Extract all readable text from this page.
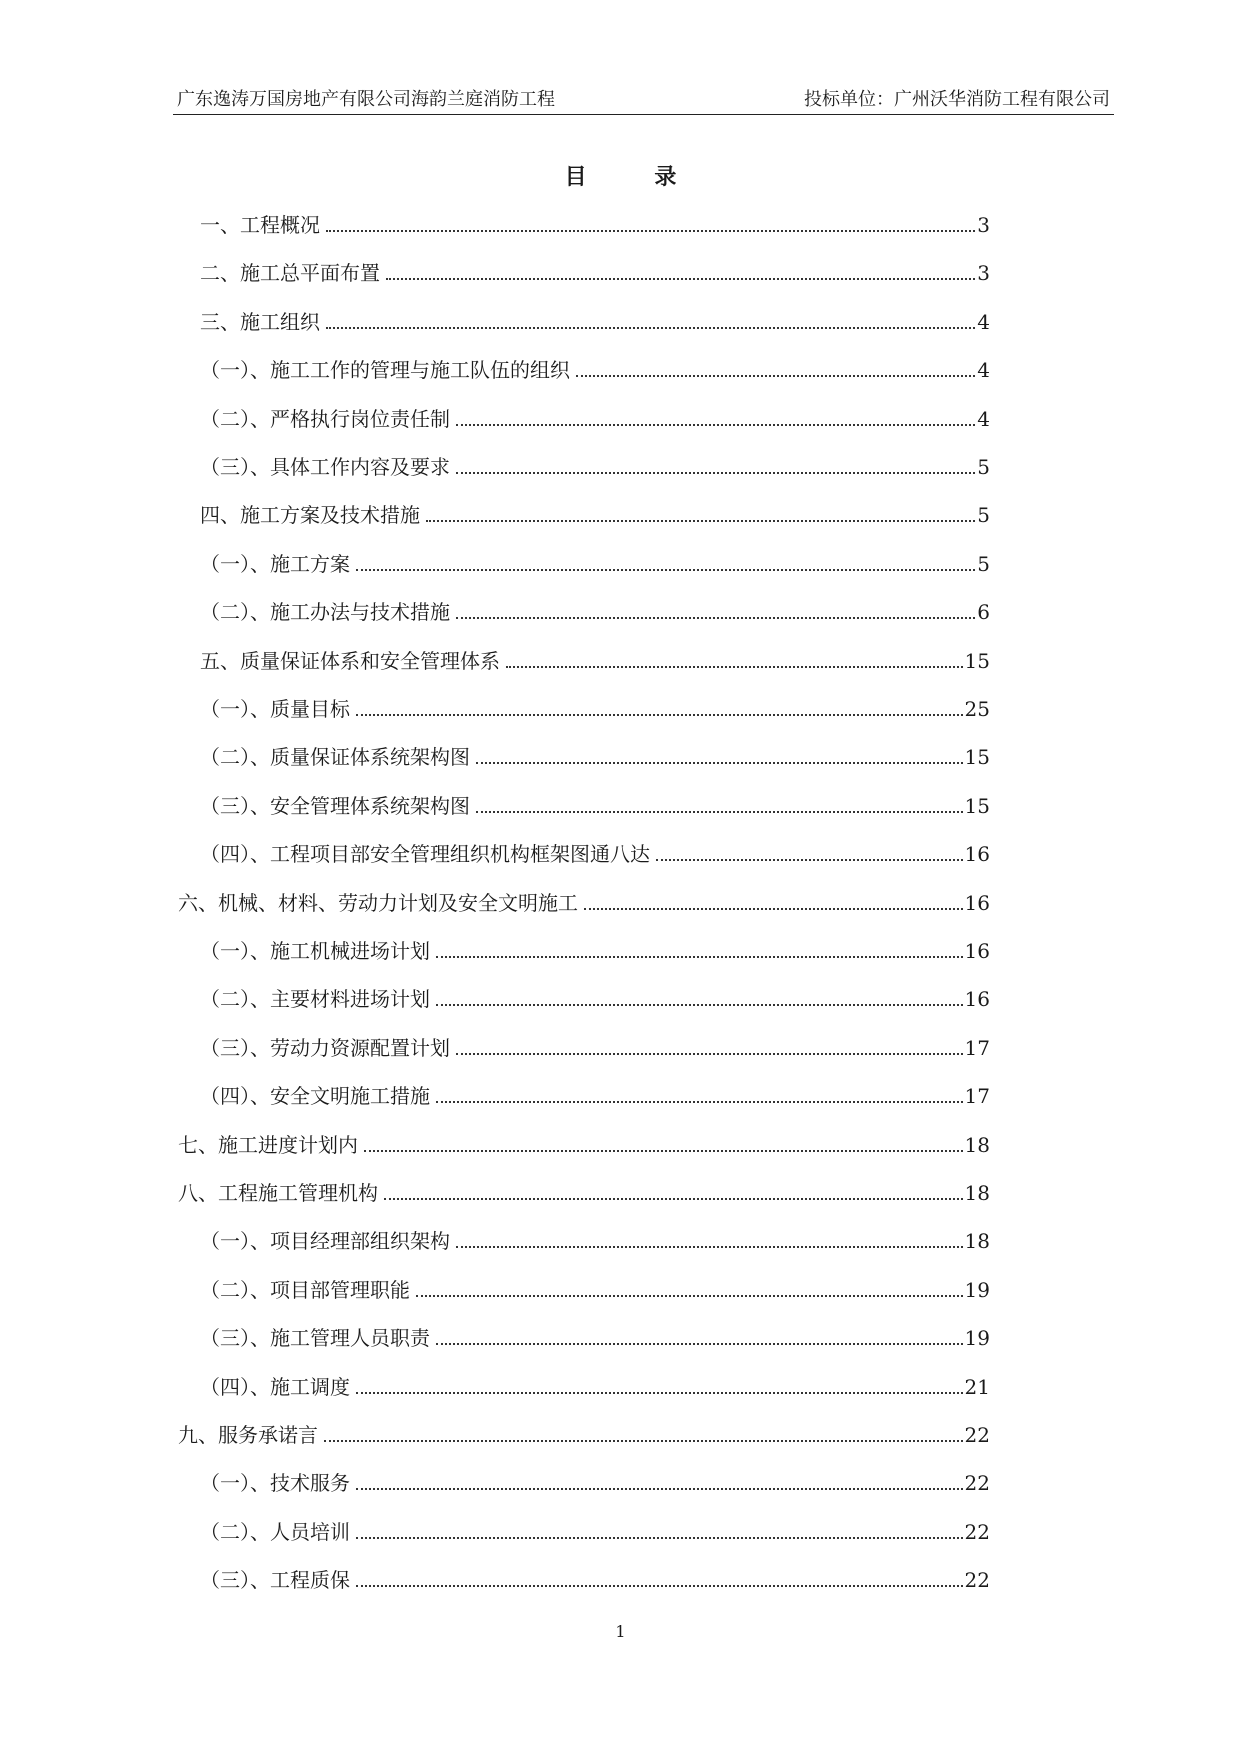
广东逸涛万国房地产有限公司海韵兰庭消防工程	投标单位：广州沃华消防工程有限公司
目 录
一、工程概况	3
二、施工总平面布置	3
三、施工组织	4
（一）、施工工作的管理与施工队伍的组织	4
（二）、严格执行岗位责任制	4
（三）、具体工作内容及要求	5
四、施工方案及技术措施	5
（一）、施工方案	5
（二）、施工办法与技术措施	6
五、质量保证体系和安全管理体系	15
（一）、质量目标	25
（二）、质量保证体系统架构图	15
（三）、安全管理体系统架构图	15
（四）、工程项目部安全管理组织机构框架图通八达	16
六、机械、材料、劳动力计划及安全文明施工	16
（一）、施工机械进场计划	16
（二）、主要材料进场计划	16
（三）、劳动力资源配置计划	17
（四）、安全文明施工措施	17
七、施工进度计划内	18
八、工程施工管理机构	18
（一）、项目经理部组织架构	18
（二）、项目部管理职能	19
（三）、施工管理人员职责	19
（四）、施工调度	21
九、服务承诺言	22
（一）、技术服务	22
（二）、人员培训	22
（三）、工程质保	22
1
